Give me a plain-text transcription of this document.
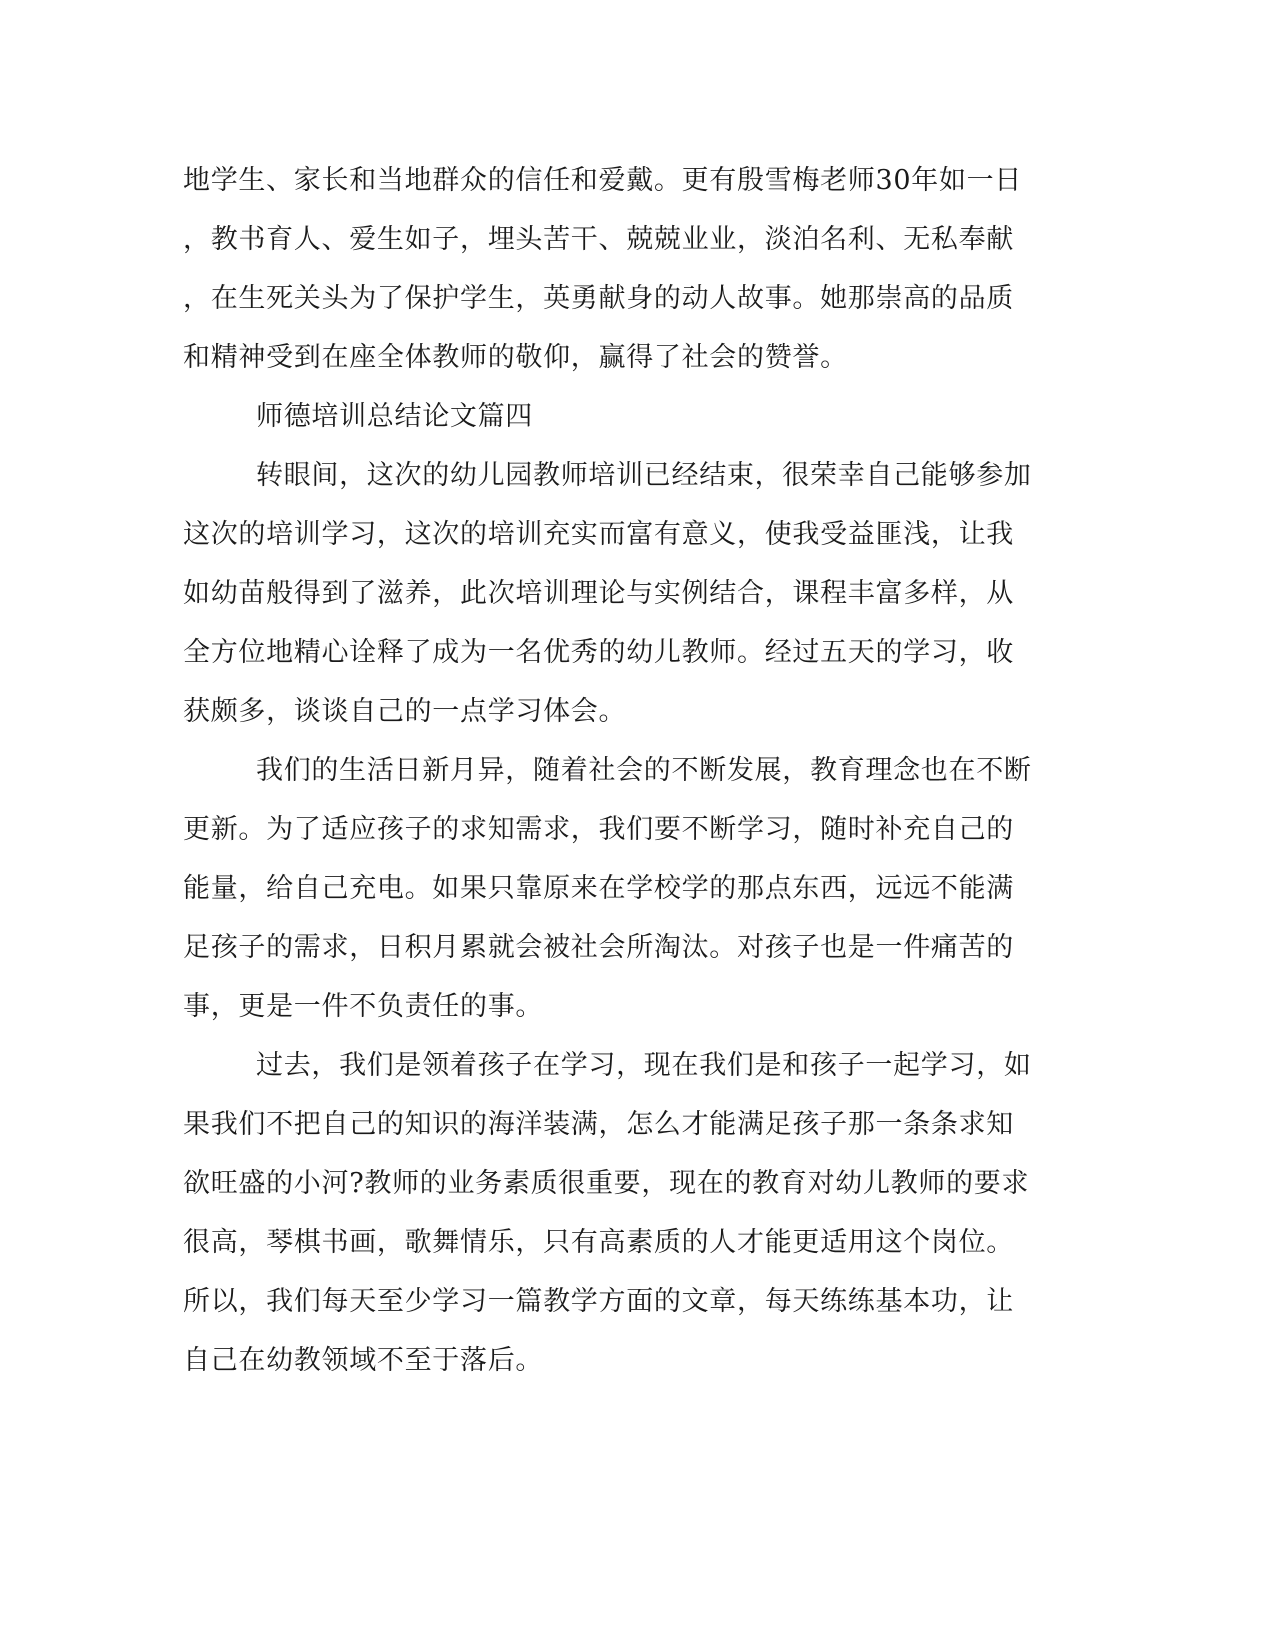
地学生、家长和当地群众的信任和爱戴。更有殷雪梅老师30年如一日

，教书育人、爱生如子，埋头苦干、兢兢业业，淡泊名利、无私奉献

，在生死关头为了保护学生，英勇献身的动人故事。她那崇高的品质

和精神受到在座全体教师的敬仰，赢得了社会的赞誉。

师德培训总结论文篇四

转眼间，这次的幼儿园教师培训已经结束，很荣幸自己能够参加

这次的培训学习，这次的培训充实而富有意义，使我受益匪浅，让我

如幼苗般得到了滋养，此次培训理论与实例结合，课程丰富多样，从

全方位地精心诠释了成为一名优秀的幼儿教师。经过五天的学习，收

获颇多，谈谈自己的一点学习体会。

我们的生活日新月异，随着社会的不断发展，教育理念也在不断

更新。为了适应孩子的求知需求，我们要不断学习，随时补充自己的

能量，给自己充电。如果只靠原来在学校学的那点东西，远远不能满

足孩子的需求，日积月累就会被社会所淘汰。对孩子也是一件痛苦的

事，更是一件不负责任的事。

过去，我们是领着孩子在学习，现在我们是和孩子一起学习，如

果我们不把自己的知识的海洋装满，怎么才能满足孩子那一条条求知

欲旺盛的小河?教师的业务素质很重要，现在的教育对幼儿教师的要求

很高，琴棋书画，歌舞情乐，只有高素质的人才能更适用这个岗位。

所以，我们每天至少学习一篇教学方面的文章，每天练练基本功，让

自己在幼教领域不至于落后。
